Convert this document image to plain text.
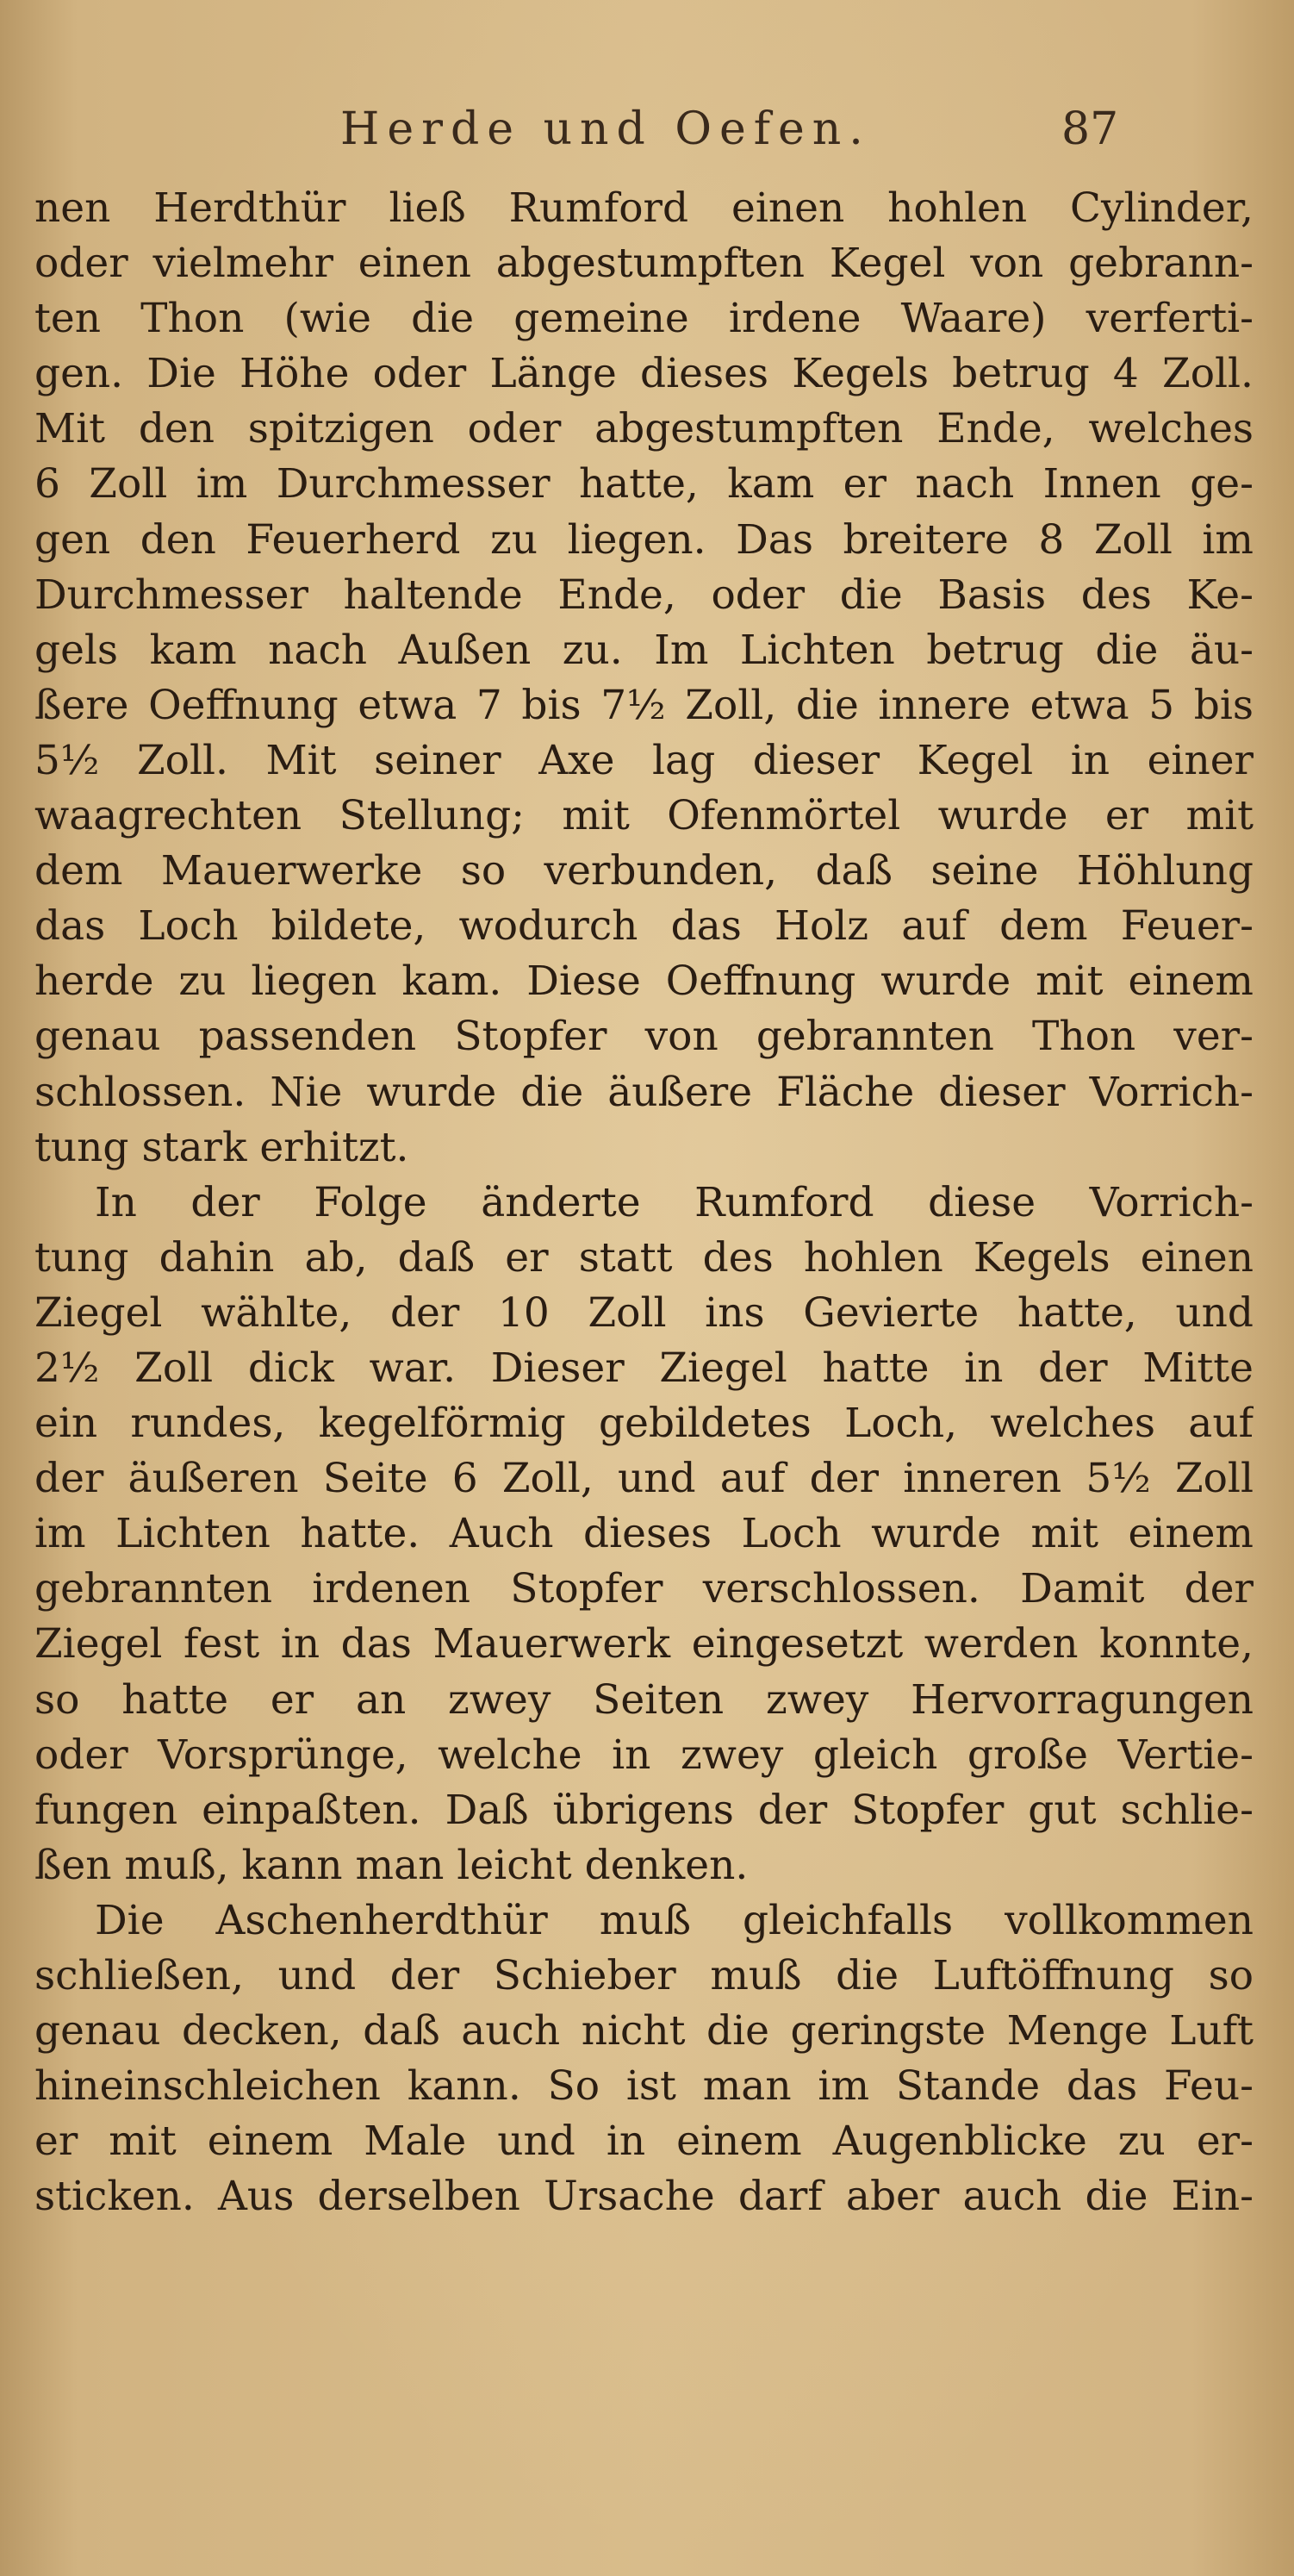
Herde und Oefen.	87
nen Herdthür ließ Rumford einen hohlen Cylinder,
oder vielmehr einen abgestumpften Kegel von gebrann-
ten Thon (wie die gemeine irdene Waare) verferti-
gen. Die Höhe oder Länge dieses Kegels betrug 4 Zoll.
Mit den spitzigen oder abgestumpften Ende, welches
6 Zoll im Durchmesser hatte, kam er nach Innen ge-
gen den Feuerherd zu liegen. Das breitere 8 Zoll im
Durchmesser haltende Ende, oder die Basis des Ke-
gels kam nach Außen zu. Im Lichten betrug die äu-
ßere Oeffnung etwa 7 bis 7½ Zoll, die innere etwa 5 bis
5½ Zoll. Mit seiner Axe lag dieser Kegel in einer
waagrechten Stellung; mit Ofenmörtel wurde er mit
dem Mauerwerke so verbunden, daß seine Höhlung
das Loch bildete, wodurch das Holz auf dem Feuer-
herde zu liegen kam. Diese Oeffnung wurde mit einem
genau passenden Stopfer von gebrannten Thon ver-
schlossen. Nie wurde die äußere Fläche dieser Vorrich-
tung stark erhitzt.
In der Folge änderte Rumford diese Vorrich-
tung dahin ab, daß er statt des hohlen Kegels einen
Ziegel wählte, der 10 Zoll ins Gevierte hatte, und
2½ Zoll dick war. Dieser Ziegel hatte in der Mitte
ein rundes, kegelförmig gebildetes Loch, welches auf
der äußeren Seite 6 Zoll, und auf der inneren 5½ Zoll
im Lichten hatte. Auch dieses Loch wurde mit einem
gebrannten irdenen Stopfer verschlossen. Damit der
Ziegel fest in das Mauerwerk eingesetzt werden konnte,
so hatte er an zwey Seiten zwey Hervorragungen
oder Vorsprünge, welche in zwey gleich große Vertie-
fungen einpaßten. Daß übrigens der Stopfer gut schlie-
ßen muß, kann man leicht denken.
Die Aschenherdthür muß gleichfalls vollkommen
schließen, und der Schieber muß die Luftöffnung so
genau decken, daß auch nicht die geringste Menge Luft
hineinschleichen kann. So ist man im Stande das Feu-
er mit einem Male und in einem Augenblicke zu er-
sticken. Aus derselben Ursache darf aber auch die Ein-
